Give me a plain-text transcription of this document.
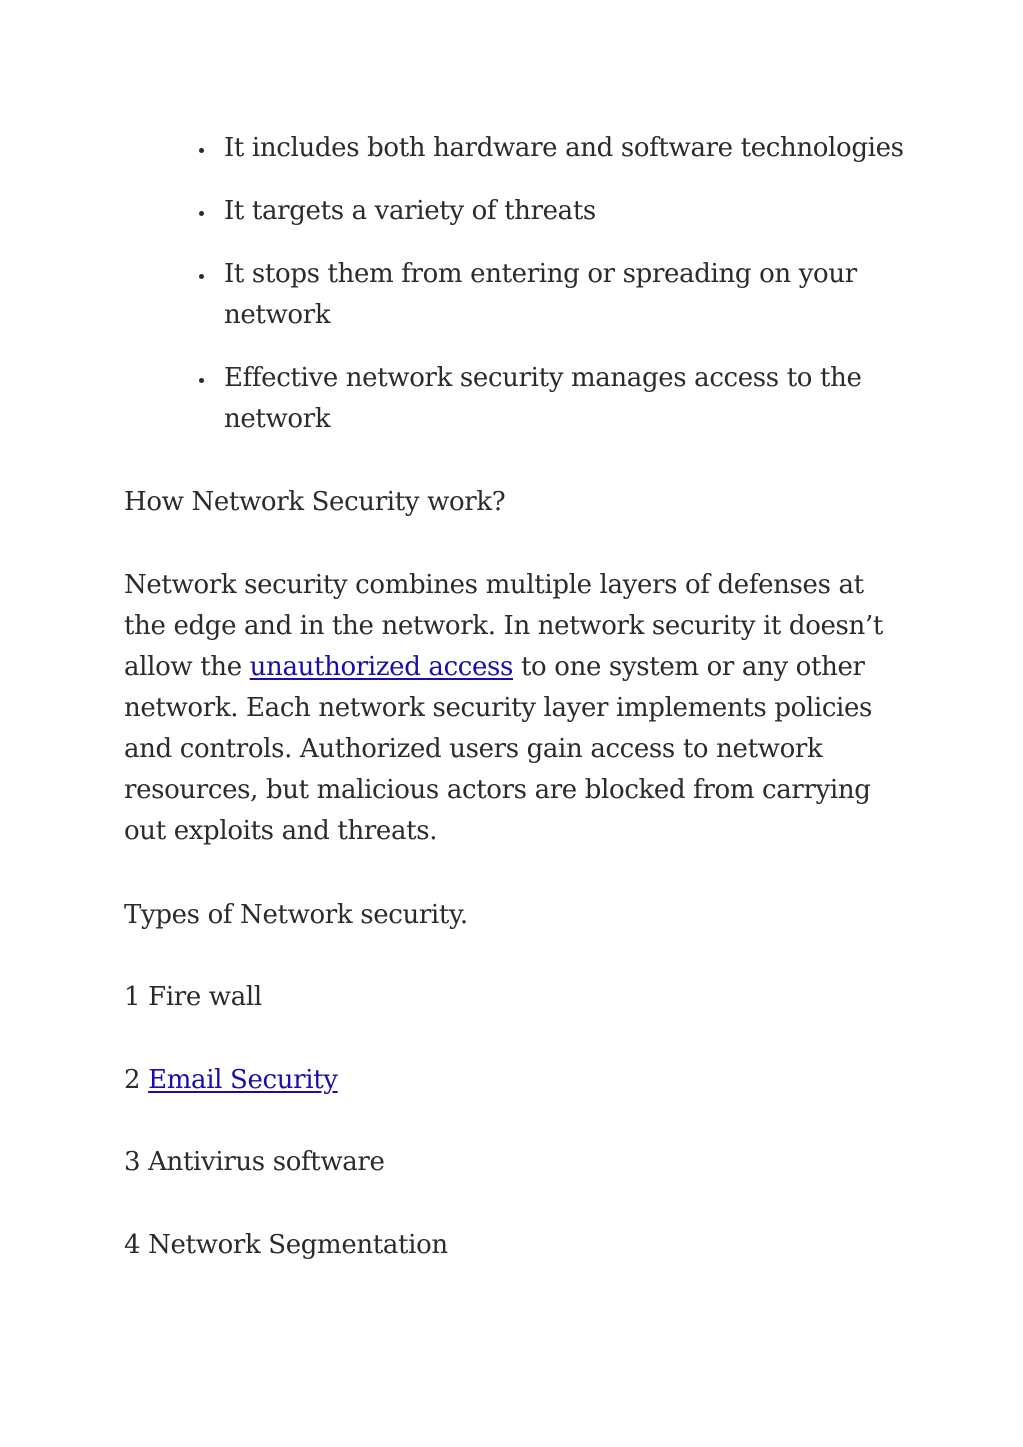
It includes both hardware and software technologies
It targets a variety of threats
It stops them from entering or spreading on your network
Effective network security manages access to the network

How Network Security work?

Network security combines multiple layers of defenses at the edge and in the network. In network security it doesn’t allow the unauthorized access to one system or any other network. Each network security layer implements policies and controls. Authorized users gain access to network resources, but malicious actors are blocked from carrying out exploits and threats.

Types of Network security.

1 Fire wall

2 Email Security

3 Antivirus software

4 Network Segmentation
